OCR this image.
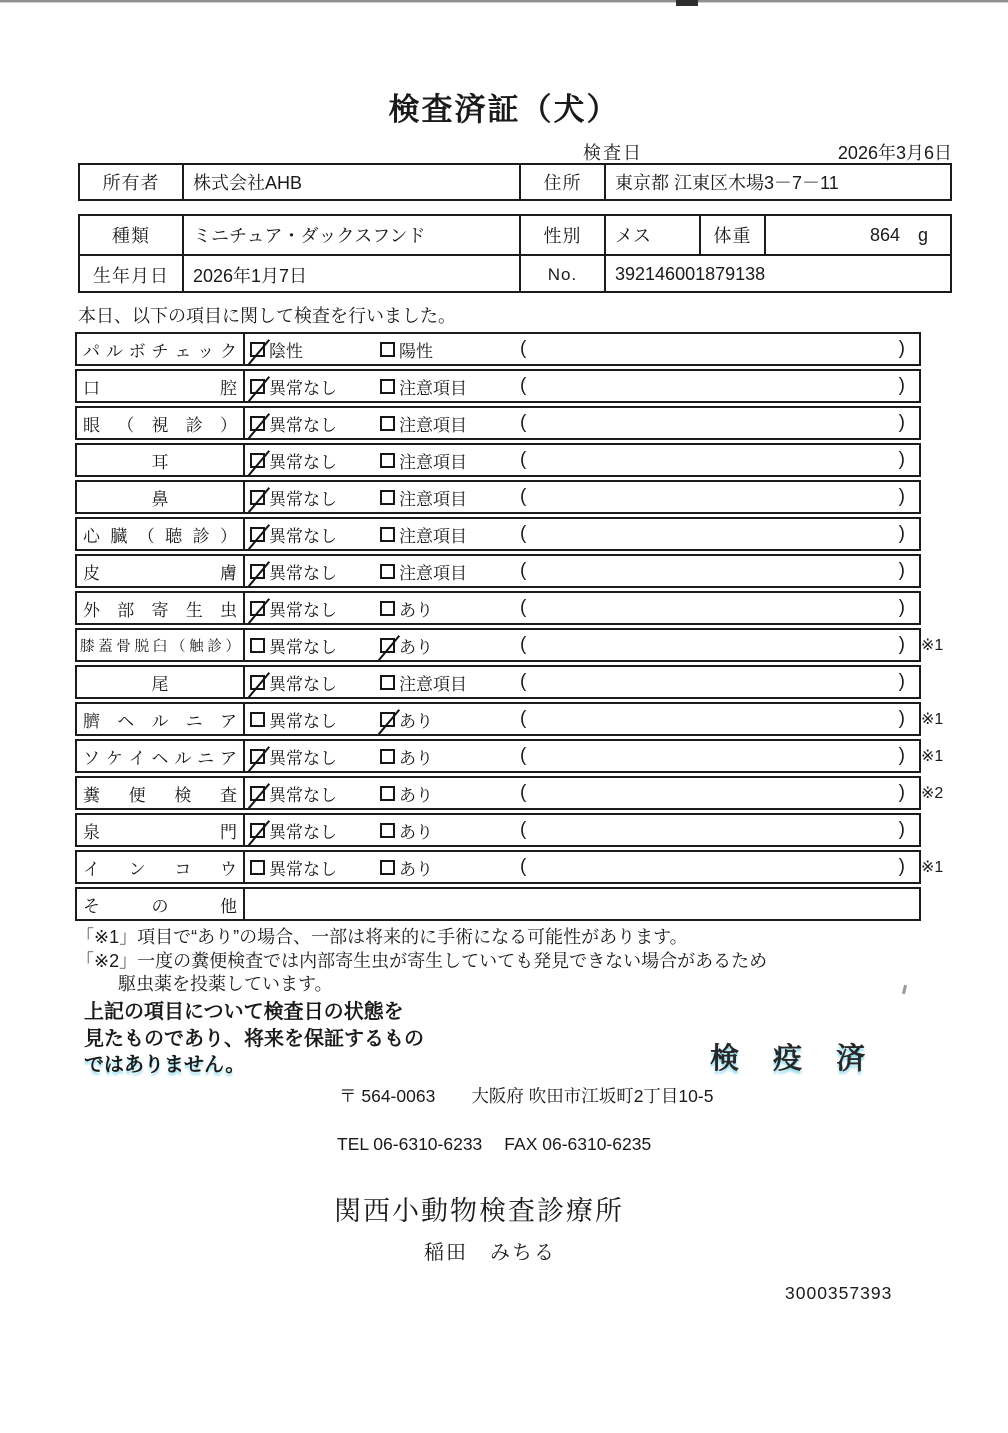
検査済証（犬）
検査日	2026年3月6日
所有者	株式会社AHB	住所	東京都 江東区木場3－7－11
種類	ミニチュア・ダックスフンド	性別	メス	体重	864 g
生年月日	2026年1月7日	No.	392146001879138
本日、以下の項目に関して検査を行いました。
パ ル ボ チ ェ ッ ク 陰性	陽性	(	)
口	腔 異常なし	注意項目	(	)
眼 （ 視 診 ） 異常なし	注意項目	(	)
耳	異常なし	注意項目	(	)
鼻	異常なし	注意項目	(	)
心 臓 （ 聴 診 ） 異常なし	注意項目	(	)
皮	膚 異常なし	注意項目	(	)
外 部 寄 生 虫 異常なし	あり	(	)
膝 蓋 骨 脱 臼 （ 触 診 ） 異常なし	あり	(	) ※1
尾	異常なし	注意項目	(	)
臍 ヘ ル ニ ア 異常なし	あり	(	) ※1
ソ ケ イ ヘ ル ニ ア 異常なし	あり	(	) ※1
糞 便 検 査 異常なし	あり	(	) ※2
泉	門 異常なし	あり	(	)
イ ン コ ウ 異常なし	あり	(	) ※1
そ	の	他
「※1」項目で“あり”の場合、一部は将来的に手術になる可能性があります。
「※2」一度の糞便検査では内部寄生虫が寄生していても発見できない場合があるため
駆虫薬を投薬しています。
上記の項目について検査日の状態を
見たものであり、将来を保証するもの
ではありません。	検 疫 済
〒 564-0063 大阪府 吹田市江坂町2丁目10-5
TEL 06-6310-6233 FAX 06-6310-6235
関西小動物検査診療所
稲田　みちる
3000357393
